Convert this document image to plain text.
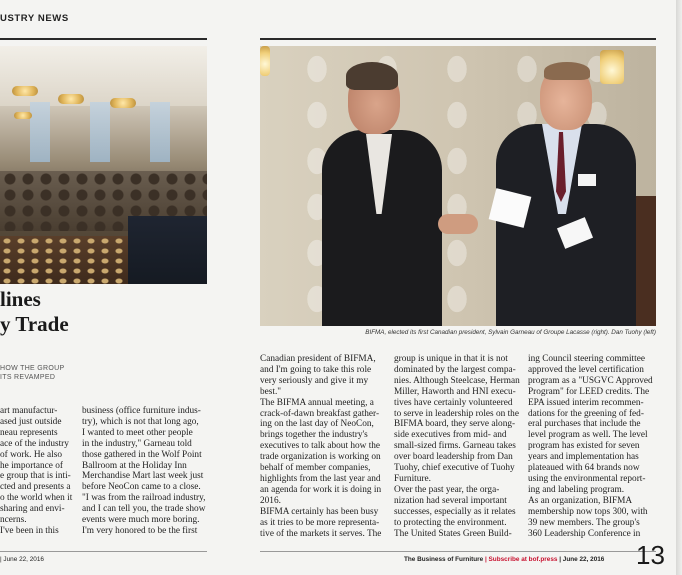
USTRY NEWS
BIFMA, elected its first Canadian president, Sylvain Garneau of Groupe Lacasse (right). Dan Tuohy (left)
lines
y Trade
HOW THE GROUP
ITS REVAMPED
art manufactur-
ased just outside
neau represents
ace of the industry
of work. He also
he importance of
e group that is inti-
cted and presents a
o the world when it
sharing and envi-
ncerns.
I've been in this
business (office furniture indus-
try), which is not that long ago,
I wanted to meet other people
in the industry," Garneau told
those gathered in the Wolf Point
Ballroom at the Holiday Inn
Merchandise Mart last week just
before NeoCon came to a close.
"I was from the railroad industry,
and I can tell you, the trade show
events were much more boring.
I'm very honored to be the first
Canadian president of BIFMA,
and I'm going to take this role
very seriously and give it my
best."
The BIFMA annual meeting, a
crack-of-dawn breakfast gather-
ing on the last day of NeoCon,
brings together the industry's
executives to talk about how the
trade organization is working on
behalf of member companies,
highlights from the last year and
an agenda for work it is doing in
2016.
BIFMA certainly has been busy
as it tries to be more representa-
tive of the markets it serves. The
group is unique in that it is not
dominated by the largest compa-
nies. Although Steelcase, Herman
Miller, Haworth and HNI execu-
tives have certainly volunteered
to serve in leadership roles on the
BIFMA board, they serve along-
side executives from mid- and
small-sized firms. Garneau takes
over board leadership from Dan
Tuohy, chief executive of Tuohy
Furniture.
Over the past year, the orga-
nization had several important
successes, especially as it relates
to protecting the environment.
The United States Green Build-
ing Council steering committee
approved the level certification
program as a "USGVC Approved
Program" for LEED credits. The
EPA issued interim recommen-
dations for the greening of fed-
eral purchases that include the
level program as well. The level
program has existed for seven
years and implementation has
plateaued with 64 brands now
using the environmental report-
ing and labeling program.
As an organization, BIFMA
membership now tops 300, with
39 new members. The group's
360 Leadership Conference in
| June 22, 2016	The Business of Furniture | Subscribe at bof.press | June 22, 2016 13
